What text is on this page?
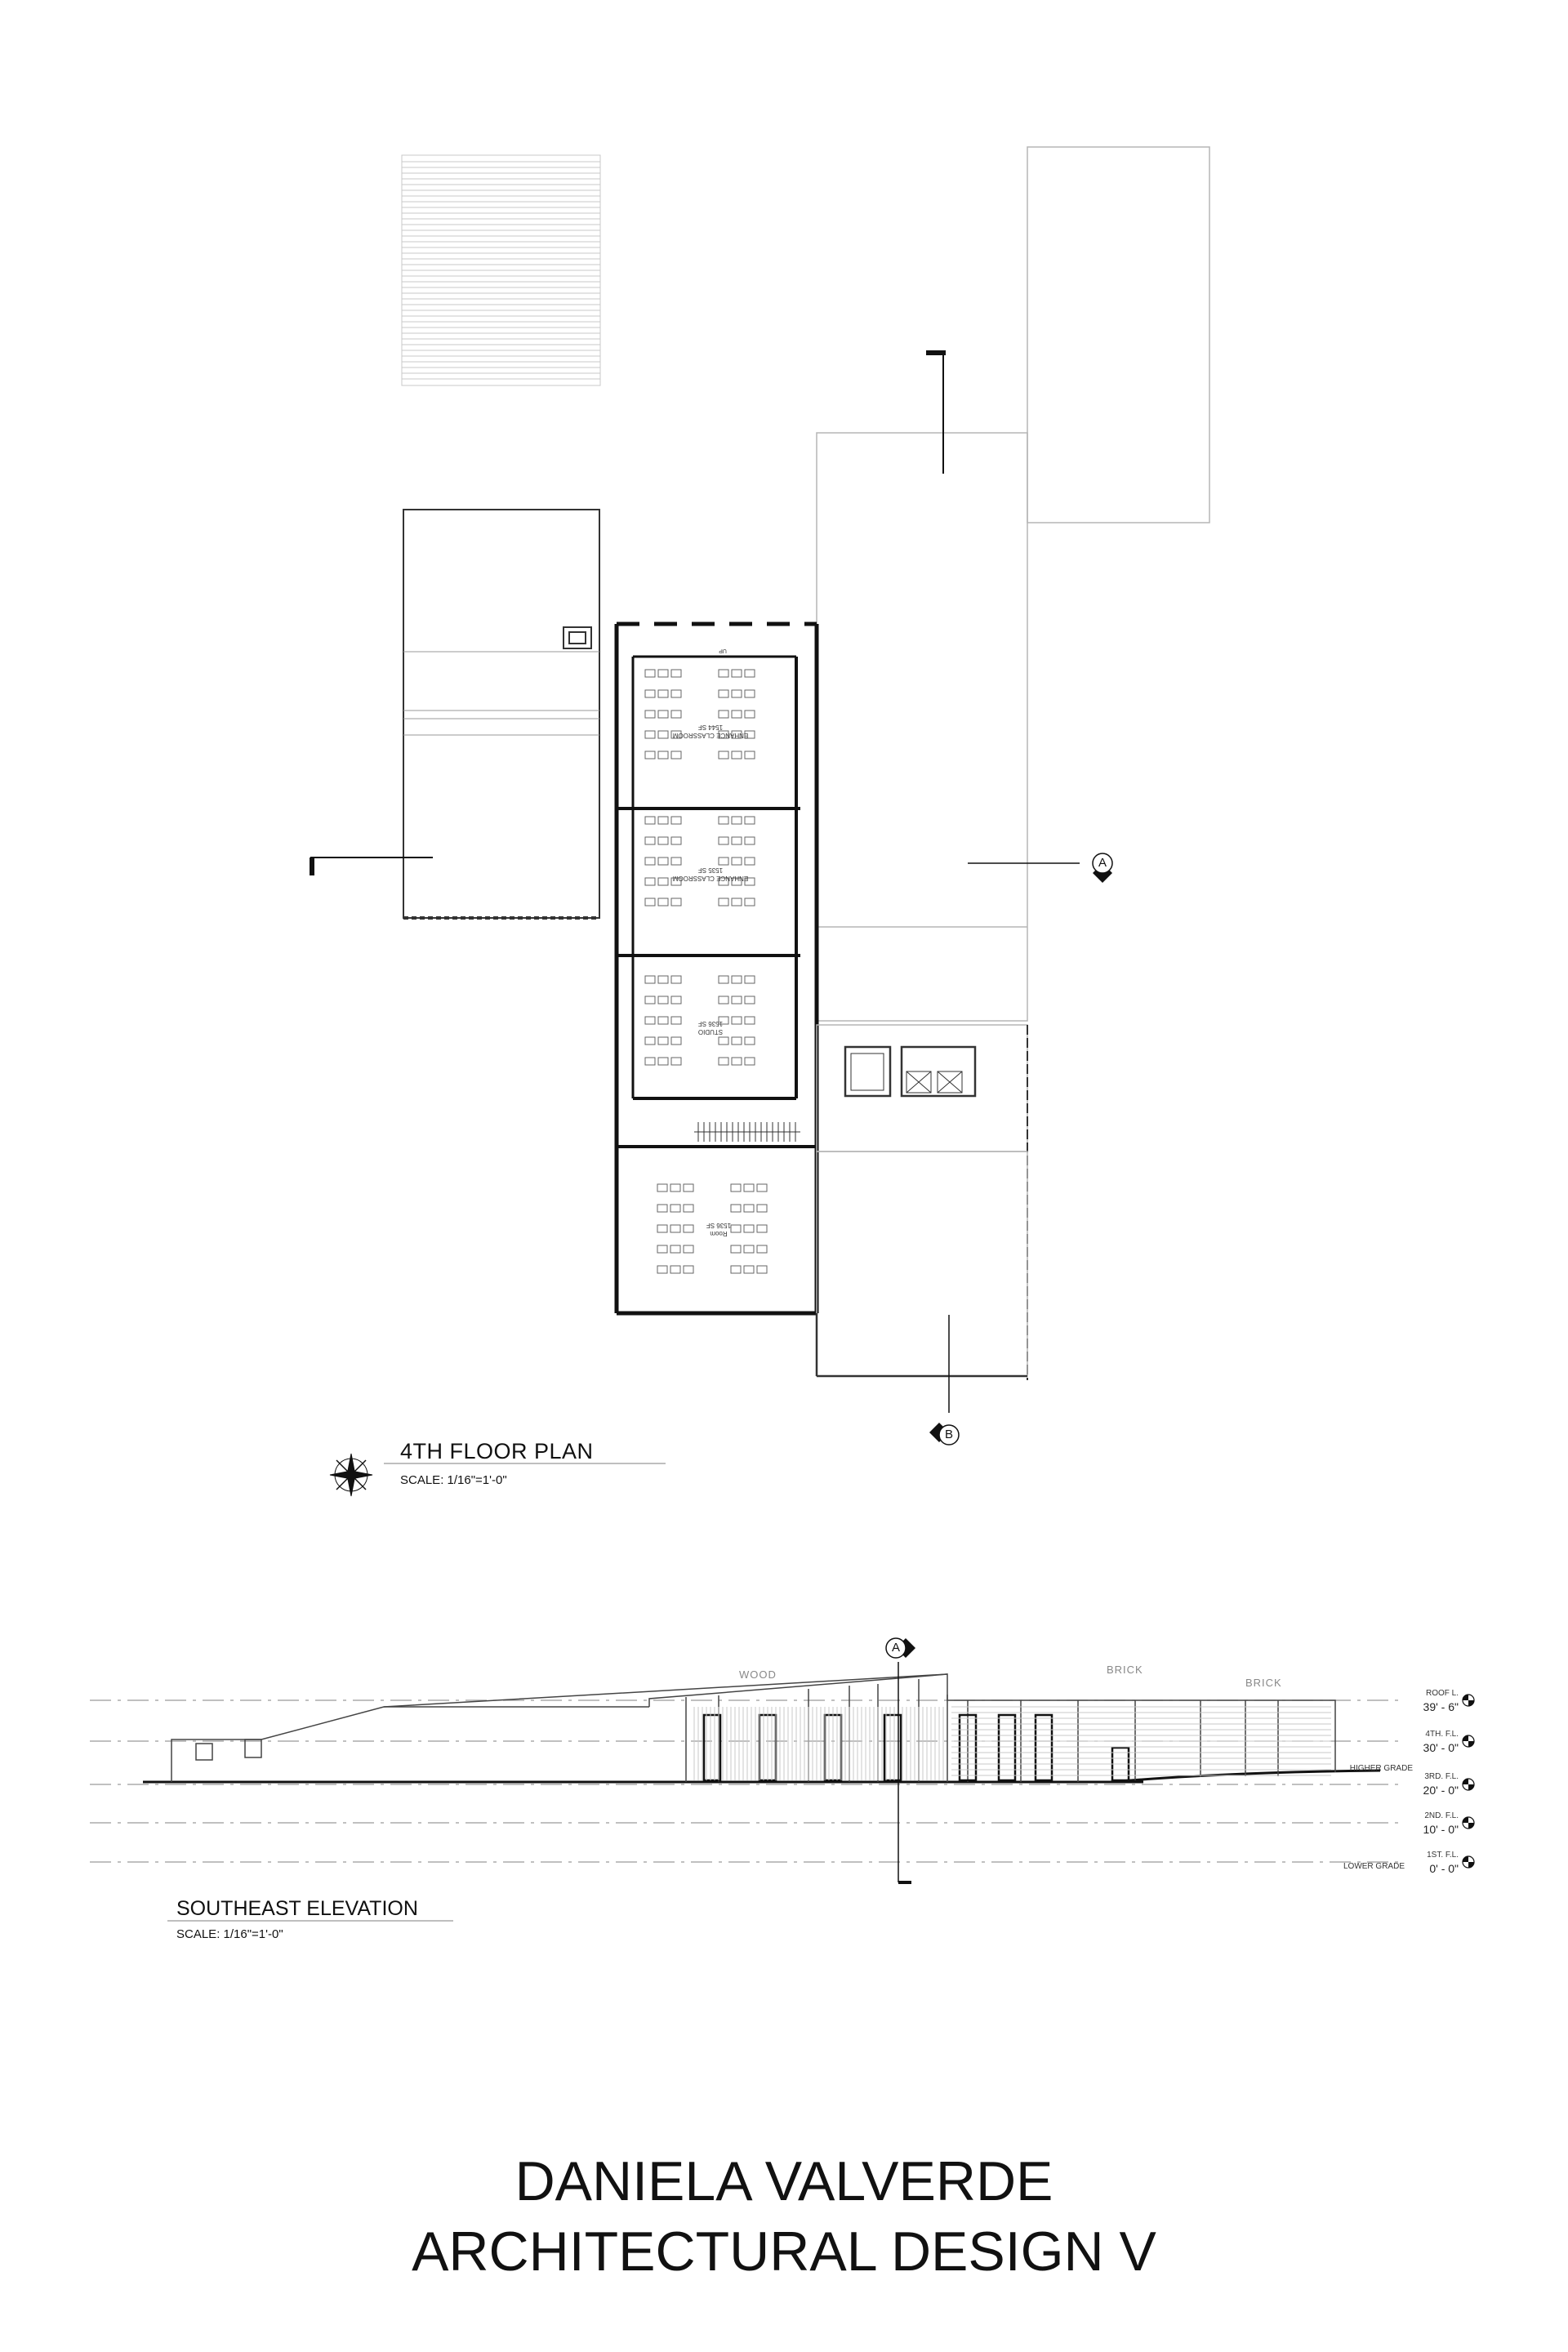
ENHANCE CLASSROOM
1544 SF
ENHANCE CLASSROOM
1535 SF
STUDIO
1536 SF
Room
1536 SF
UP
A
B
A
WOOD	BRICK
BRICK
ROOF L.
39' - 6"
4TH. F.L.
30' - 0"
HIGHER GRADE
3RD. F.L.
20' - 0"
2ND. F.L.
10' - 0"
1ST. F.L.
LOWER GRADE	0' - 0"
4TH FLOOR PLAN
SCALE: 1/16"=1'-0"
SOUTHEAST ELEVATION
SCALE: 1/16"=1'-0"
DANIELA VALVERDE
ARCHITECTURAL DESIGN V
